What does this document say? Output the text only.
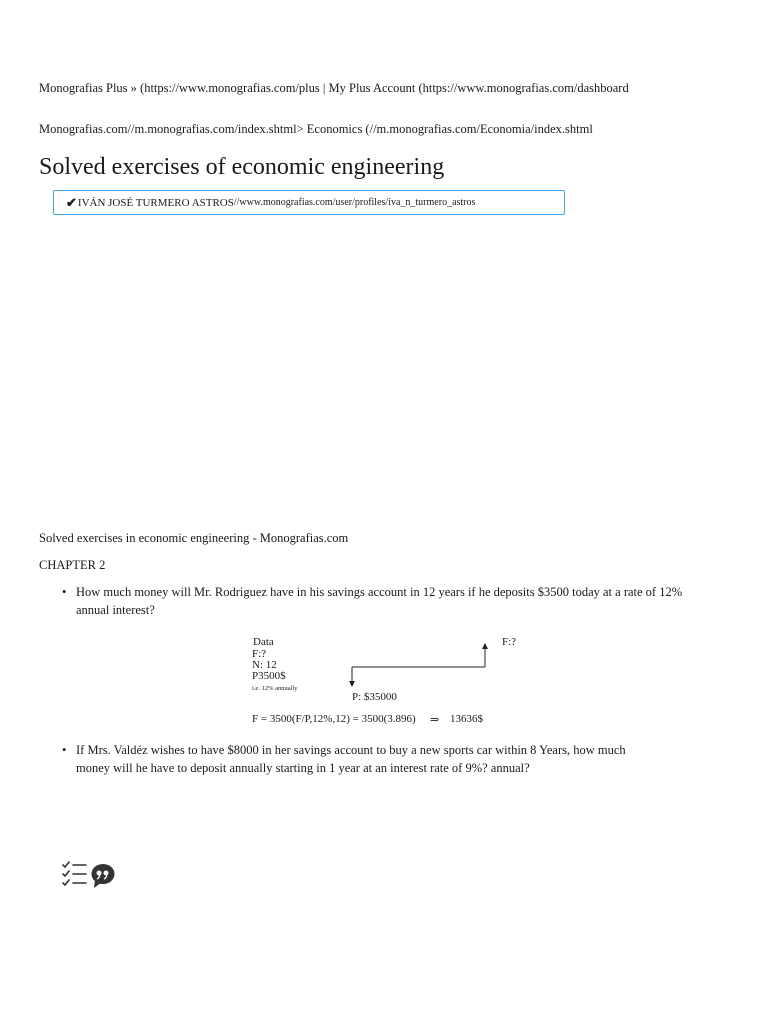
Monografias Plus » (https://www.monografias.com/plus | My Plus Account (https://www.monografias.com/dashboard
Monografias.com//m.monografias.com/index.shtml> Economics (//m.monografias.com/Economia/index.shtml
Solved exercises of economic engineering
✔ IVÁN JOSÉ TURMERO ASTROS //www.monografias.com/user/profiles/iva_n_turmero_astros
Solved exercises in economic engineering - Monografias.com
CHAPTER 2
• How much money will Mr. Rodriguez have in his savings account in 12 years if he deposits $3500 today at a rate of 12% annual interest?
Data
F:?
N: 12
P3500$
i.e. 12% annually
F:?
P: $35000
F = 3500(F/P,12%,12) = 3500(3.896) ⇒ 13636$
• If Mrs. Valdéz wishes to have $8000 in her savings account to buy a new sports car within 8 Years, how much money will he have to deposit annually starting in 1 year at an interest rate of 9%? annual?
